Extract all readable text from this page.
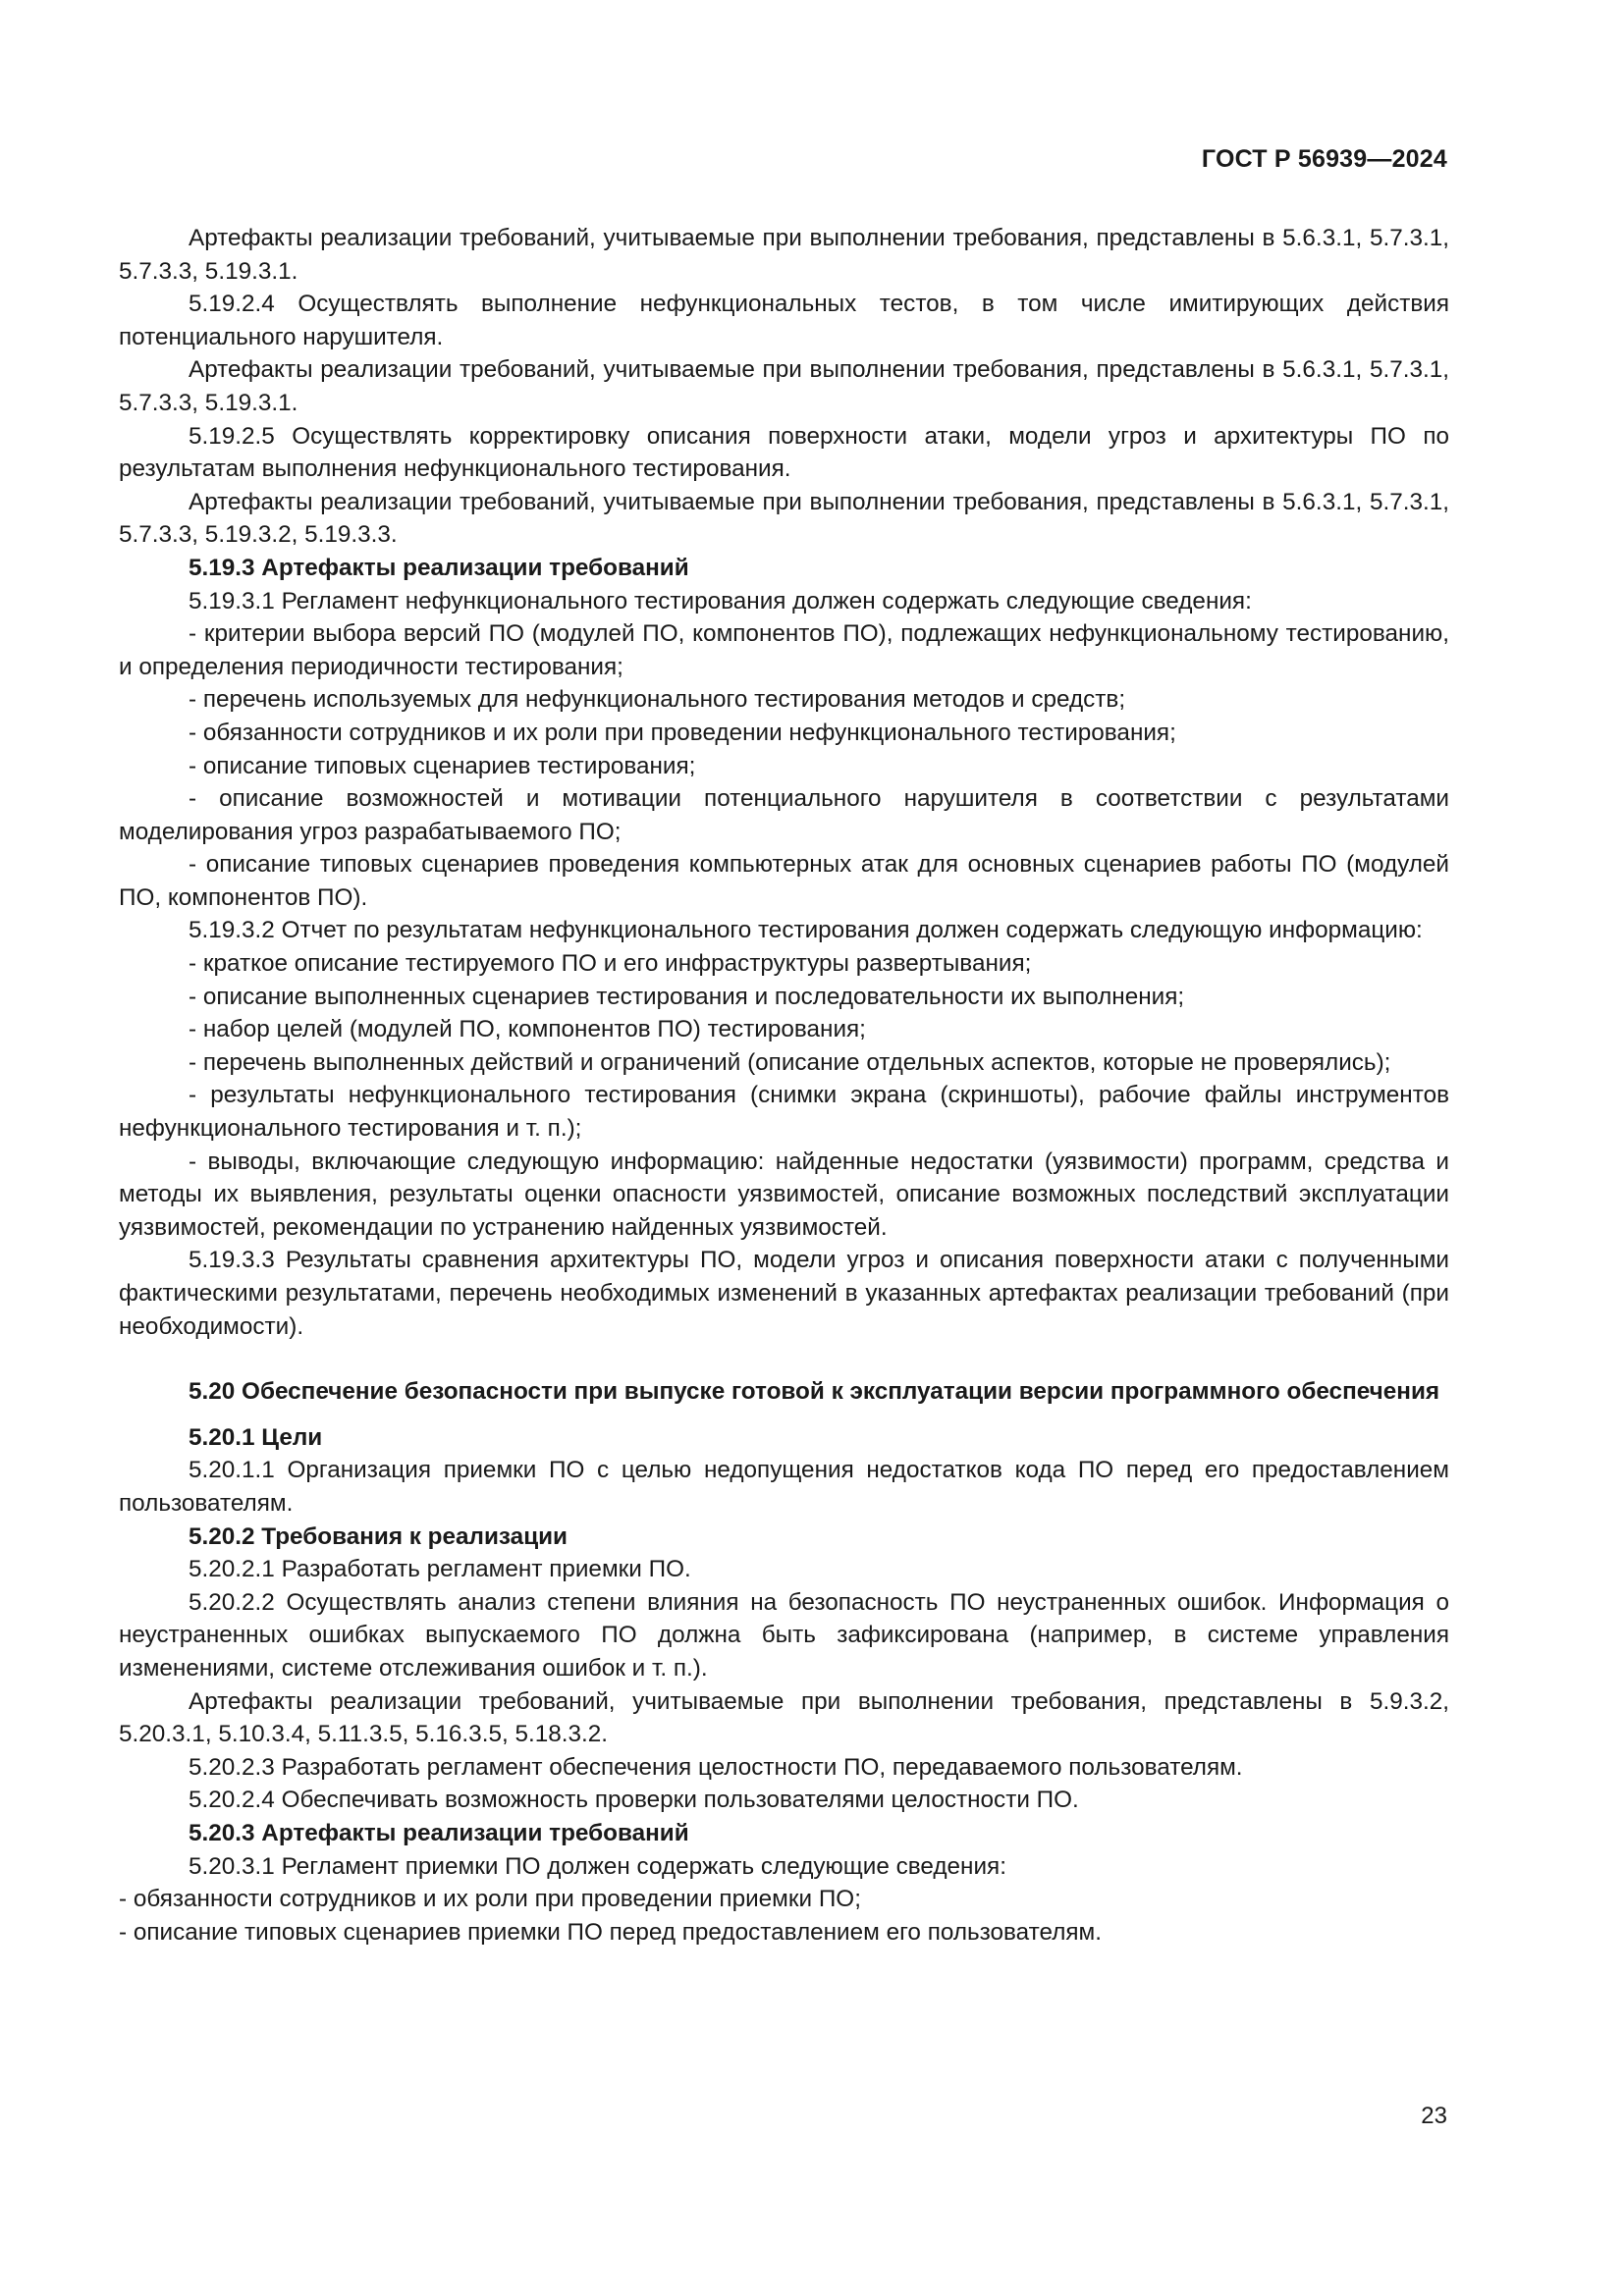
ГОСТ Р 56939—2024

Артефакты реализации требований, учитываемые при выполнении требования, представлены в 5.6.3.1, 5.7.3.1, 5.7.3.3, 5.19.3.1.

5.19.2.4 Осуществлять выполнение нефункциональных тестов, в том числе имитирующих действия потенциального нарушителя.

Артефакты реализации требований, учитываемые при выполнении требования, представлены в 5.6.3.1, 5.7.3.1, 5.7.3.3, 5.19.3.1.

5.19.2.5 Осуществлять корректировку описания поверхности атаки, модели угроз и архитектуры ПО по результатам выполнения нефункционального тестирования.

Артефакты реализации требований, учитываемые при выполнении требования, представлены в 5.6.3.1, 5.7.3.1, 5.7.3.3, 5.19.3.2, 5.19.3.3.

5.19.3 Артефакты реализации требований

5.19.3.1 Регламент нефункционального тестирования должен содержать следующие сведения:

- критерии выбора версий ПО (модулей ПО, компонентов ПО), подлежащих нефункциональному тестированию, и определения периодичности тестирования;

- перечень используемых для нефункционального тестирования методов и средств;

- обязанности сотрудников и их роли при проведении нефункционального тестирования;

- описание типовых сценариев тестирования;

- описание возможностей и мотивации потенциального нарушителя в соответствии с результатами моделирования угроз разрабатываемого ПО;

- описание типовых сценариев проведения компьютерных атак для основных сценариев работы ПО (модулей ПО, компонентов ПО).

5.19.3.2 Отчет по результатам нефункционального тестирования должен содержать следующую информацию:

- краткое описание тестируемого ПО и его инфраструктуры развертывания;

- описание выполненных сценариев тестирования и последовательности их выполнения;

- набор целей (модулей ПО, компонентов ПО) тестирования;

- перечень выполненных действий и ограничений (описание отдельных аспектов, которые не проверялись);

- результаты нефункционального тестирования (снимки экрана (скриншоты), рабочие файлы инструментов нефункционального тестирования и т. п.);

- выводы, включающие следующую информацию: найденные недостатки (уязвимости) программ, средства и методы их выявления, результаты оценки опасности уязвимостей, описание возможных последствий эксплуатации уязвимостей, рекомендации по устранению найденных уязвимостей.

5.19.3.3 Результаты сравнения архитектуры ПО, модели угроз и описания поверхности атаки с полученными фактическими результатами, перечень необходимых изменений в указанных артефактах реализации требований (при необходимости).

5.20 Обеспечение безопасности при выпуске готовой к эксплуатации версии программного обеспечения

5.20.1 Цели

5.20.1.1 Организация приемки ПО с целью недопущения недостатков кода ПО перед его предоставлением пользователям.

5.20.2 Требования к реализации

5.20.2.1 Разработать регламент приемки ПО.

5.20.2.2 Осуществлять анализ степени влияния на безопасность ПО неустраненных ошибок. Информация о неустраненных ошибках выпускаемого ПО должна быть зафиксирована (например, в системе управления изменениями, системе отслеживания ошибок и т. п.).

Артефакты реализации требований, учитываемые при выполнении требования, представлены в 5.9.3.2, 5.20.3.1, 5.10.3.4, 5.11.3.5, 5.16.3.5, 5.18.3.2.

5.20.2.3 Разработать регламент обеспечения целостности ПО, передаваемого пользователям.

5.20.2.4 Обеспечивать возможность проверки пользователями целостности ПО.

5.20.3 Артефакты реализации требований

5.20.3.1 Регламент приемки ПО должен содержать следующие сведения:

- обязанности сотрудников и их роли при проведении приемки ПО;

- описание типовых сценариев приемки ПО перед предоставлением его пользователям.

23
